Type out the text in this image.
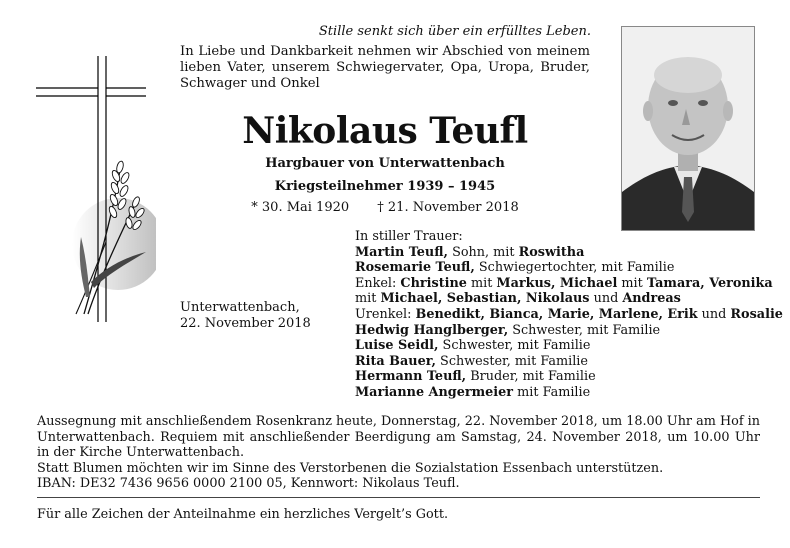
Stille senkt sich über ein erfülltes Leben.
In Liebe und Dankbarkeit nehmen wir Abschied von meinem lieben Vater, unserem Schwiegervater, Opa, Uropa, Bruder, Schwager und Onkel
Nikolaus Teufl
Hargbauer von Unterwattenbach
Kriegsteilnehmer 1939 – 1945
* 30. Mai 1920 † 21. November 2018
Unterwattenbach,
22. November 2018
In stiller Trauer:
Martin Teufl, Sohn, mit Roswitha
Rosemarie Teufl, Schwiegertochter, mit Familie
Enkel: Christine mit Markus, Michael mit Tamara, Veronika
mit Michael, Sebastian, Nikolaus und Andreas
Urenkel: Benedikt, Bianca, Marie, Marlene, Erik und Rosalie
Hedwig Hanglberger, Schwester, mit Familie
Luise Seidl, Schwester, mit Familie
Rita Bauer, Schwester, mit Familie
Hermann Teufl, Bruder, mit Familie
Marianne Angermeier mit Familie
Aussegnung mit anschließendem Rosenkranz heute, Donnerstag, 22. November 2018, um 18.00 Uhr am Hof in Unterwattenbach. Requiem mit anschließender Beerdigung am Samstag, 24. November 2018, um 10.00 Uhr in der Kirche Unterwattenbach.
Statt Blumen möchten wir im Sinne des Verstorbenen die Sozialstation Essenbach unterstützen.
IBAN: DE32 7436 9656 0000 2100 05, Kennwort: Nikolaus Teufl.
Für alle Zeichen der Anteilnahme ein herzliches Vergelt’s Gott.
